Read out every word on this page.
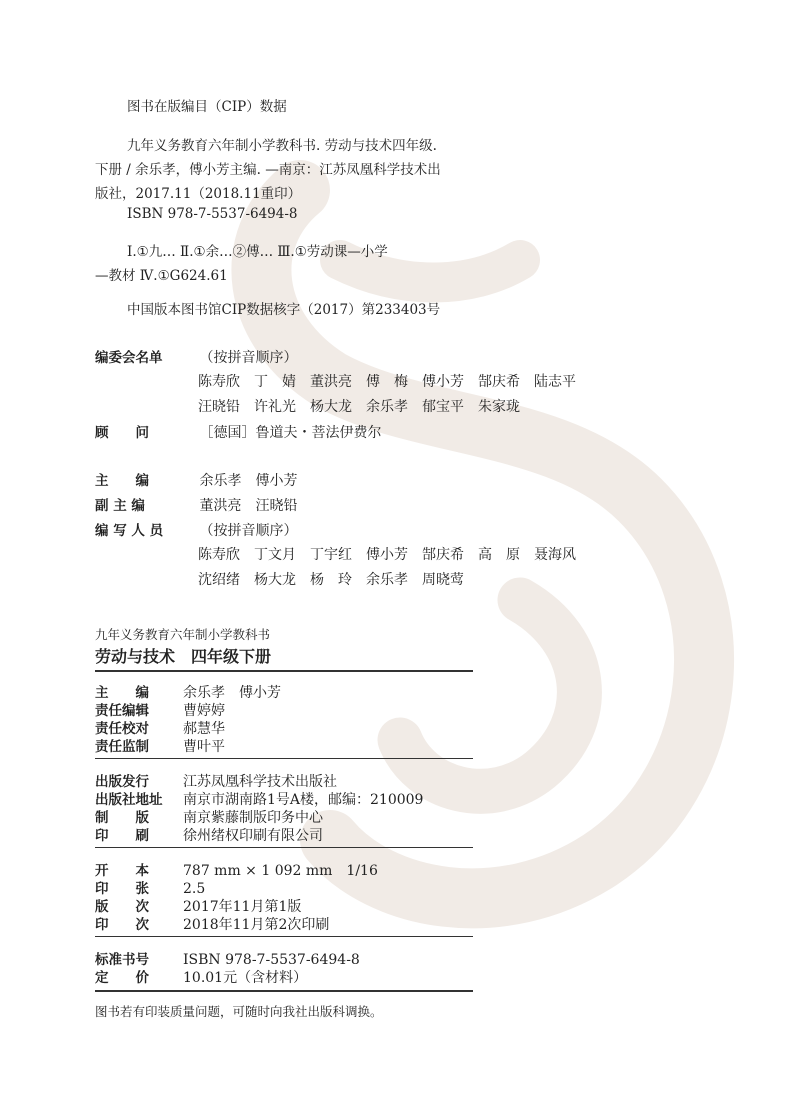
图书在版编目（CIP）数据
九年义务教育六年制小学教科书. 劳动与技术四年级.
下册 / 余乐孝，傅小芳主编. —南京：江苏凤凰科学技术出
版社，2017.11（2018.11重印）
ISBN 978-7-5537-6494-8
Ⅰ.①九… Ⅱ.①余…②傅… Ⅲ.①劳动课—小学
—教材 Ⅳ.①G624.61
中国版本图书馆CIP数据核字（2017）第233403号
编委会名单	（按拼音顺序）
陈寿欣 丁　婧 董洪亮 傅　梅 傅小芳 郜庆希 陆志平
汪晓铅 许礼光 杨大龙 余乐孝 郁宝平 朱家珑
顾　　问	［德国］鲁道夫・菩法伊费尔
主　　编	余乐孝　傅小芳
副 主 编	董洪亮　汪晓铅
编 写 人 员	（按拼音顺序）
陈寿欣 丁文月 丁宇红 傅小芳 郜庆希 高　原 聂海风
沈绍绪 杨大龙 杨　玲 余乐孝 周晓莺
九年义务教育六年制小学教科书
劳动与技术　四年级下册
主　　编 余乐孝　傅小芳
责任编辑 曹婷婷
责任校对 郝慧华
责任监制 曹叶平
出版发行 江苏凤凰科学技术出版社
出版社地址 南京市湖南路1号A楼，邮编：210009
制　　版 南京紫藤制版印务中心
印　　刷 徐州绪权印刷有限公司
开　　本 787 mm × 1 092 mm　1/16
印　　张 2.5
版　　次 2017年11月第1版
印　　次 2018年11月第2次印刷
标准书号 ISBN 978-7-5537-6494-8
定　　价 10.01元（含材料）
图书若有印装质量问题，可随时向我社出版科调换。
